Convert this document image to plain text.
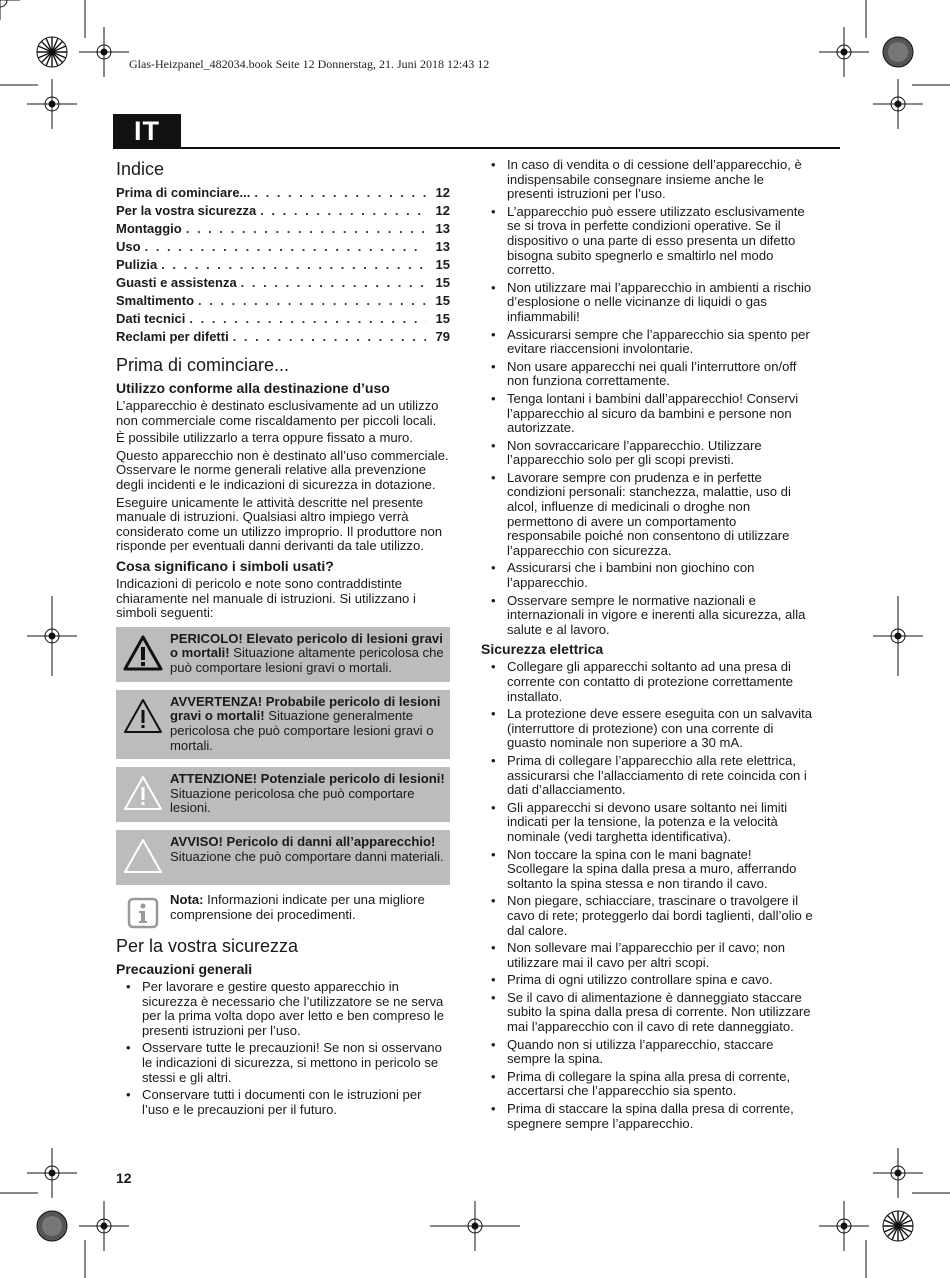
Glas-Heizpanel_482034.book Seite 12 Donnerstag, 21. Juni 2018 12:43 12
IT
Indice
Prima di cominciare... . . .	12
Per la vostra sicurezza . . .	12
Montaggio . . .	13
Uso . . .	13
Pulizia . . .	15
Guasti e assistenza . . .	15
Smaltimento . . .	15
Dati tecnici . . .	15
Reclami per difetti . . .	79
Prima di cominciare...
Utilizzo conforme alla destinazione d’uso

L’apparecchio è destinato esclusivamente ad un utilizzo non commerciale come riscaldamento per piccoli locali.

È possibile utilizzarlo a terra oppure fissato a muro.

Questo apparecchio non è destinato all’uso commerciale. Osservare le norme generali relative alla prevenzione degli incidenti e le indicazioni di sicurezza in dotazione.

Eseguire unicamente le attività descritte nel presente manuale di istruzioni. Qualsiasi altro impiego verrà considerato come un utilizzo improprio. Il produttore non risponde per eventuali danni derivanti da tale utilizzo.

Cosa significano i simboli usati?

Indicazioni di pericolo e note sono contraddistinte chiaramente nel manuale di istruzioni. Si utilizzano i simboli seguenti:

PERICOLO! Elevato pericolo di lesioni gravi o mortali! Situazione altamente pericolosa che può comportare lesioni gravi o mortali.
AVVERTENZA! Probabile pericolo di lesioni gravi o mortali! Situazione generalmente pericolosa che può comportare lesioni gravi o mortali.
ATTENZIONE! Potenziale pericolo di lesioni! Situazione pericolosa che può comportare lesioni.
AVVISO! Pericolo di danni all’apparecchio! Situazione che può comportare danni materiali.
Nota: Informazioni indicate per una migliore comprensione dei procedimenti.
Per la vostra sicurezza
Precauzioni generali
• Per lavorare e gestire questo apparecchio in sicurezza è necessario che l’utilizzatore se ne serva per la prima volta dopo aver letto e ben compreso le presenti istruzioni per l’uso.
• Osservare tutte le precauzioni! Se non si osservano le indicazioni di sicurezza, si mettono in pericolo se stessi e gli altri.
• Conservare tutti i documenti con le istruzioni per l’uso e le precauzioni per il futuro.
• In caso di vendita o di cessione dell’apparecchio, è indispensabile consegnare insieme anche le presenti istruzioni per l’uso.
• L’apparecchio può essere utilizzato esclusivamente se si trova in perfette condizioni operative. Se il dispositivo o una parte di esso presenta un difetto bisogna subito spegnerlo e smaltirlo nel modo corretto.
• Non utilizzare mai l’apparecchio in ambienti a rischio d’esplosione o nelle vicinanze di liquidi o gas infiammabili!
• Assicurarsi sempre che l’apparecchio sia spento per evitare riaccensioni involontarie.
• Non usare apparecchi nei quali l’interruttore on/off non funziona correttamente.
• Tenga lontani i bambini dall’apparecchio! Conservi l’apparecchio al sicuro da bambini e persone non autorizzate.
• Non sovraccaricare l’apparecchio. Utilizzare l’apparecchio solo per gli scopi previsti.
• Lavorare sempre con prudenza e in perfette condizioni personali: stanchezza, malattie, uso di alcol, influenze di medicinali o droghe non permettono di avere un comportamento responsabile poiché non consentono di utilizzare l’apparecchio con sicurezza.
• Assicurarsi che i bambini non giochino con l’apparecchio.
• Osservare sempre le normative nazionali e internazionali in vigore e inerenti alla sicurezza, alla salute e al lavoro.
Sicurezza elettrica
• Collegare gli apparecchi soltanto ad una presa di corrente con contatto di protezione correttamente installato.
• La protezione deve essere eseguita con un salvavita (interruttore di protezione) con una corrente di guasto nominale non superiore a 30 mA.
• Prima di collegare l’apparecchio alla rete elettrica, assicurarsi che l’allacciamento di rete coincida con i dati d’allacciamento.
• Gli apparecchi si devono usare soltanto nei limiti indicati per la tensione, la potenza e la velocità nominale (vedi targhetta identificativa).
• Non toccare la spina con le mani bagnate! Scollegare la spina dalla presa a muro, afferrando soltanto la spina stessa e non tirando il cavo.
• Non piegare, schiacciare, trascinare o travolgere il cavo di rete; proteggerlo dai bordi taglienti, dall’olio e dal calore.
• Non sollevare mai l’apparecchio per il cavo; non utilizzare mai il cavo per altri scopi.
• Prima di ogni utilizzo controllare spina e cavo.
• Se il cavo di alimentazione è danneggiato staccare subito la spina dalla presa di corrente. Non utilizzare mai l’apparecchio con il cavo di rete danneggiato.
• Quando non si utilizza l’apparecchio, staccare sempre la spina.
• Prima di collegare la spina alla presa di corrente, accertarsi che l’apparecchio sia spento.
• Prima di staccare la spina dalla presa di corrente, spegnere sempre l’apparecchio.
12
